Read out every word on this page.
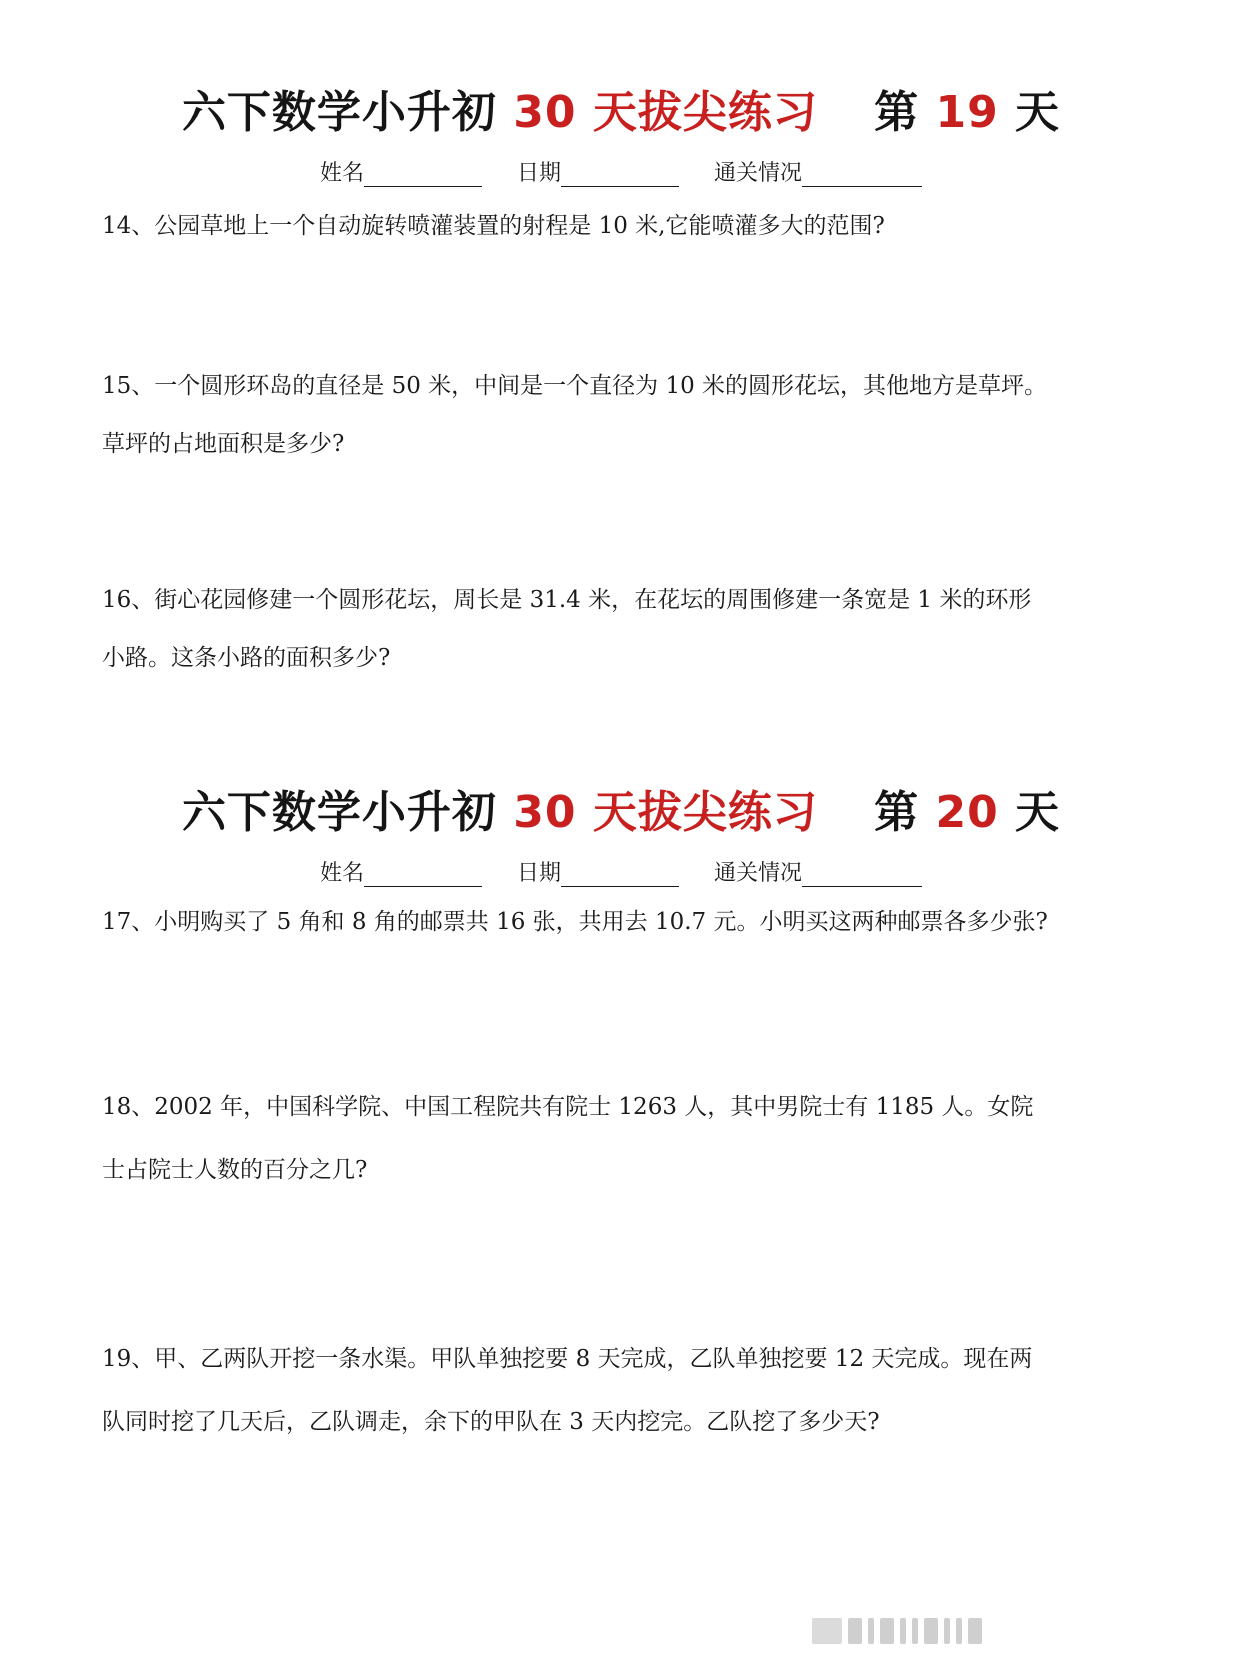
六下数学小升初 30 天拔尖练习 第 19 天
姓名	日期	通关情况
14、公园草地上一个自动旋转喷灌装置的射程是 10 米,它能喷灌多大的范围?
15、一个圆形环岛的直径是 50 米，中间是一个直径为 10 米的圆形花坛，其他地方是草坪。
草坪的占地面积是多少?
16、街心花园修建一个圆形花坛，周长是 31.4 米，在花坛的周围修建一条宽是 1 米的环形
小路。这条小路的面积多少?
六下数学小升初 30 天拔尖练习 第 20 天
姓名	日期	通关情况
17、小明购买了 5 角和 8 角的邮票共 16 张，共用去 10.7 元。小明买这两种邮票各多少张?
18、2002 年，中国科学院、中国工程院共有院士 1263 人，其中男院士有 1185 人。女院
士占院士人数的百分之几?
19、甲、乙两队开挖一条水渠。甲队单独挖要 8 天完成，乙队单独挖要 12 天完成。现在两
队同时挖了几天后，乙队调走，余下的甲队在 3 天内挖完。乙队挖了多少天?
